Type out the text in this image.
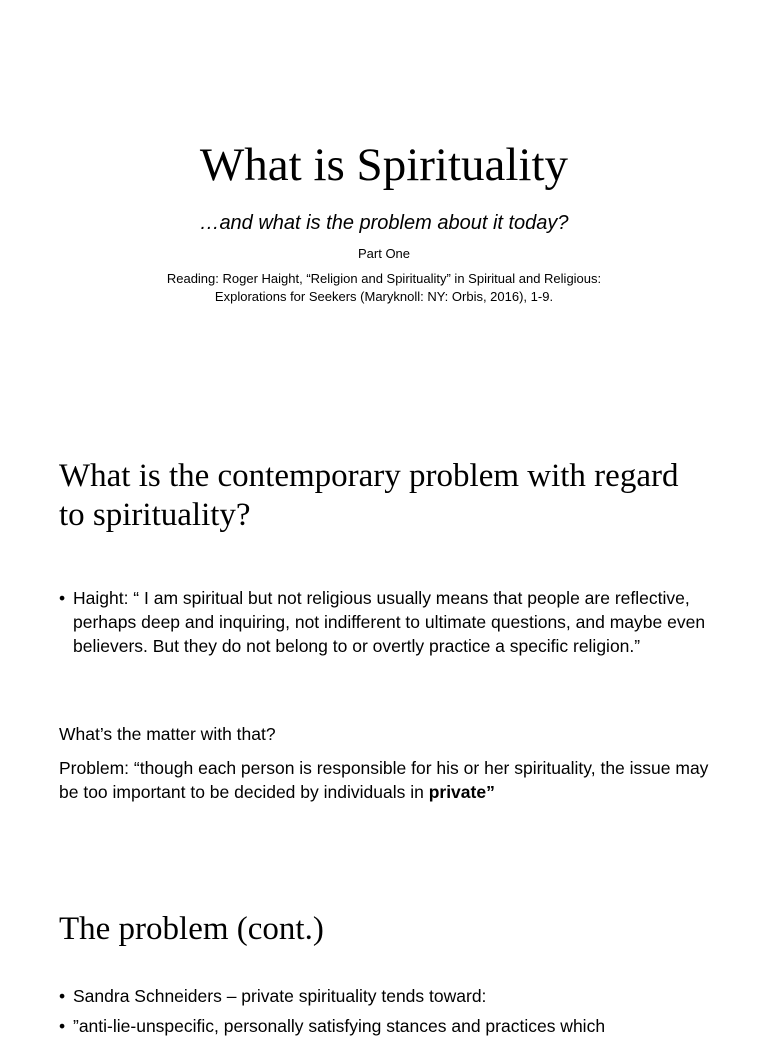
What is Spirituality
…and what is the problem about it today?
Part One
Reading: Roger Haight, “Religion and Spirituality” in Spiritual and Religious: Explorations for Seekers (Maryknoll: NY: Orbis, 2016), 1-9.
What is the contemporary problem with regard to spirituality?
• Haight: “ I am spiritual but not religious usually means that people are reflective, perhaps deep and inquiring, not indifferent to ultimate questions, and maybe even believers. But they do not belong to or overtly practice a specific religion.”
What’s the matter with that?
Problem: “though each person is responsible for his or her spirituality, the issue may be too important to be decided by individuals in private”
The problem (cont.)
• Sandra Schneiders – private spirituality tends toward:
• ”anti-lie-unspecific, personally satisfying stances and practices which
